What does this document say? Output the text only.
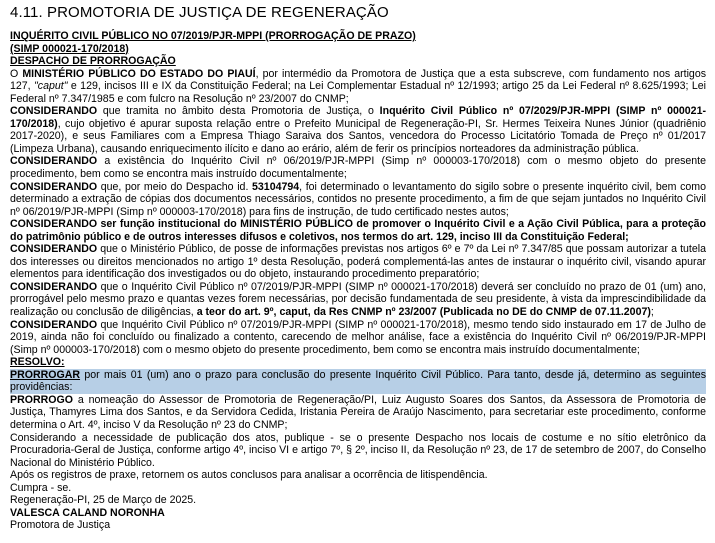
4.11. PROMOTORIA DE JUSTIÇA DE REGENERAÇÃO

INQUÉRITO CIVIL PÚBLICO NO 07/2019/PJR-MPPI (PRORROGAÇÃO DE PRAZO)

(SIMP 000021-170/2018)

DESPACHO DE PRORROGAÇÃO

O MINISTÉRIO PÚBLICO DO ESTADO DO PIAUÍ, por intermédio da Promotora de Justiça que a esta subscreve, com fundamento nos artigos 127, "caput" e 129, incisos III e IX da Constituição Federal; na Lei Complementar Estadual nº 12/1993; artigo 25 da Lei Federal nº 8.625/1993; Lei Federal nº 7.347/1985 e com fulcro na Resolução nº 23/2007 do CNMP;

CONSIDERANDO que tramita no âmbito desta Promotoria de Justiça, o Inquérito Civil Público nº 07/2029/PJR-MPPI (SIMP nº 000021-170/2018), cujo objetivo é apurar suposta relação entre o Prefeito Municipal de Regeneração-PI, Sr. Hermes Teixeira Nunes Júnior (quadriênio 2017-2020), e seus Familiares com a Empresa Thiago Saraiva dos Santos, vencedora do Processo Licitatório Tomada de Preço nº 01/2017 (Limpeza Urbana), causando enriquecimento ilícito e dano ao erário, além de ferir os princípios norteadores da administração pública.

CONSIDERANDO a existência do Inquérito Civil nº 06/2019/PJR-MPPI (Simp nº 000003-170/2018) com o mesmo objeto do presente procedimento, bem como se encontra mais instruído documentalmente;

CONSIDERANDO que, por meio do Despacho id. 53104794, foi determinado o levantamento do sigilo sobre o presente inquérito civil, bem como determinado a extração de cópias dos documentos necessários, contidos no presente procedimento, a fim de que sejam juntados no Inquérito Civil nº 06/2019/PJR-MPPI (Simp nº 000003-170/2018) para fins de instrução, de tudo certificado nestes autos;

CONSIDERANDO ser função institucional do MINISTÉRIO PÚBLICO de promover o Inquérito Civil e a Ação Civil Pública, para a proteção do patrimônio público e de outros interesses difusos e coletivos, nos termos do art. 129, inciso III da Constituição Federal;

CONSIDERANDO que o Ministério Público, de posse de informações previstas nos artigos 6º e 7º da Lei nº 7.347/85 que possam autorizar a tutela dos interesses ou direitos mencionados no artigo 1º desta Resolução, poderá complementá-las antes de instaurar o inquérito civil, visando apurar elementos para identificação dos investigados ou do objeto, instaurando procedimento preparatório;

CONSIDERANDO que o Inquérito Civil Público nº 07/2019/PJR-MPPI (SIMP nº 000021-170/2018) deverá ser concluído no prazo de 01 (um) ano, prorrogável pelo mesmo prazo e quantas vezes forem necessárias, por decisão fundamentada de seu presidente, à vista da imprescindibilidade da realização ou conclusão de diligências, a teor do art. 9º, caput, da Res CNMP nº 23/2007 (Publicada no DE do CNMP de 07.11.2007);

CONSIDERANDO que Inquérito Civil Público nº 07/2019/PJR-MPPI (SIMP nº 000021-170/2018), mesmo tendo sido instaurado em 17 de Julho de 2019, ainda não foi concluído ou finalizado a contento, carecendo de melhor análise, face a existência do Inquérito Civil nº 06/2019/PJR-MPPI (Simp nº 000003-170/2018) com o mesmo objeto do presente procedimento, bem como se encontra mais instruído documentalmente;

RESOLVO:

PRORROGAR por mais 01 (um) ano o prazo para conclusão do presente Inquérito Civil Público. Para tanto, desde já, determino as seguintes providências:

PRORROGO a nomeação do Assessor de Promotoria de Regeneração/PI, Luiz Augusto Soares dos Santos, da Assessora de Promotoria de Justiça, Thamyres Lima dos Santos, e da Servidora Cedida, Iristania Pereira de Araújo Nascimento, para secretariar este procedimento, conforme determina o Art. 4º, inciso V da Resolução nº 23 do CNMP;

Considerando a necessidade de publicação dos atos, publique - se o presente Despacho nos locais de costume e no sítio eletrônico da Procuradoria-Geral de Justiça, conforme artigo 4º, inciso VI e artigo 7º, § 2º, inciso II, da Resolução nº 23, de 17 de setembro de 2007, do Conselho Nacional do Ministério Público.

Após os registros de praxe, retornem os autos conclusos para analisar a ocorrência de litispendência.

Cumpra - se.

Regeneração-PI, 25 de Março de 2025.

VALESCA CALAND NORONHA

Promotora de Justiça
